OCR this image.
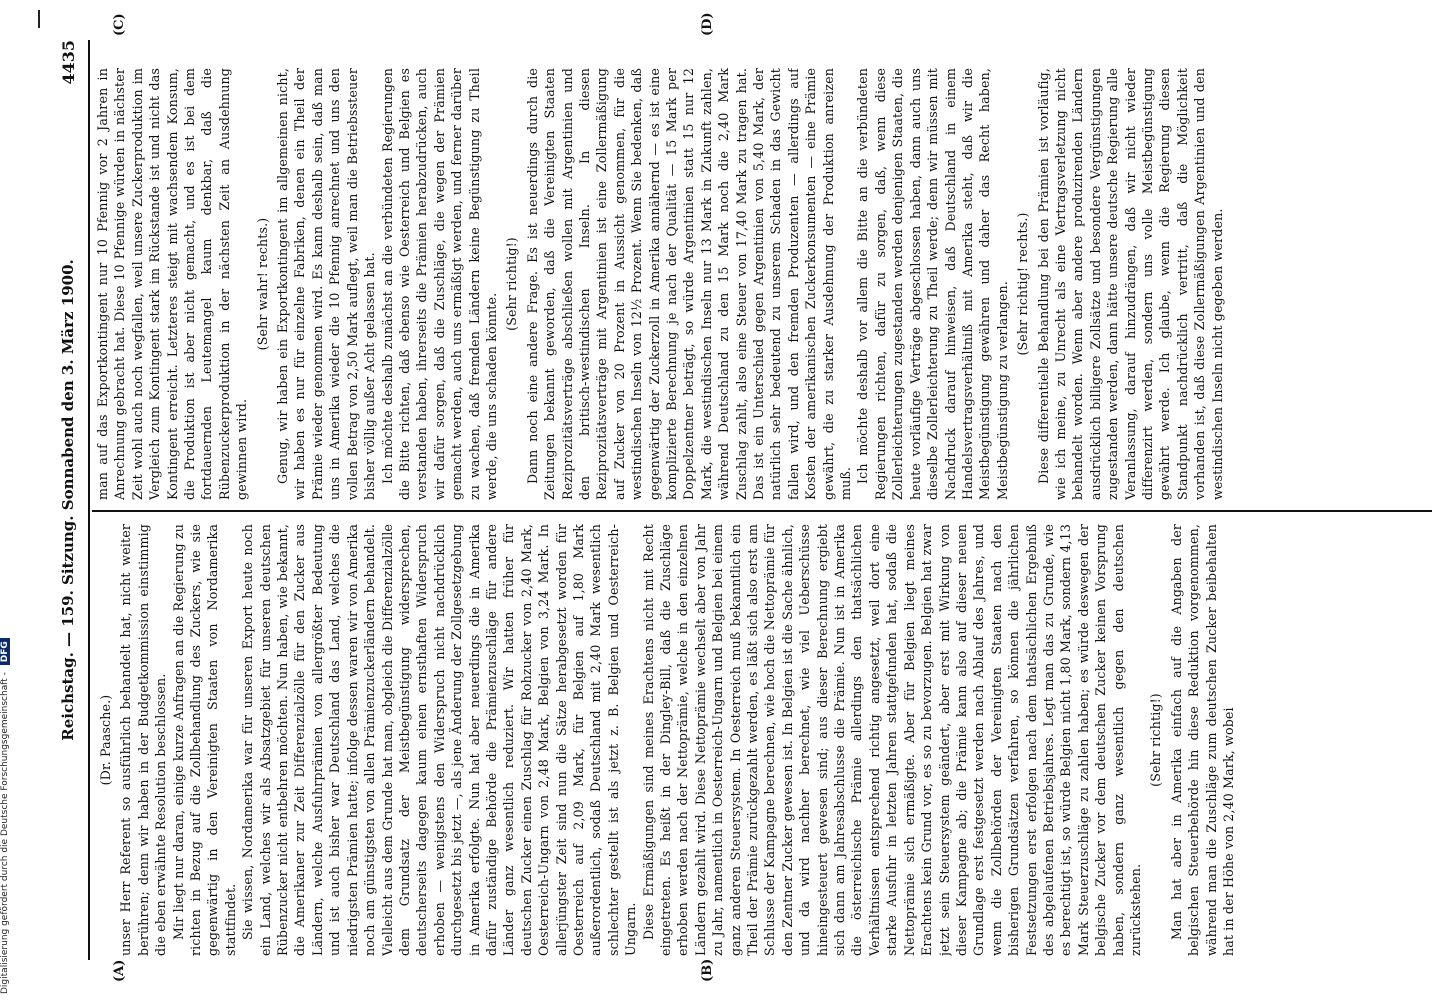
Reichstag. — 159. Sitzung. Sonnabend den 3. März 1900.
4435
(A)	(B)
(C)	(D)

(Dr. Paasche.) unser Herr Referent so ausführlich behandelt hat, nicht weiter berühren; denn wir haben in der Budgetkommission einstimmig die eben erwähnte Resolution beschlossen. Mir liegt nur daran, einige kurze Anfragen an die Regierung zu richten in Bezug auf die Zollbehandlung des Zuckers, wie sie gegenwärtig in den Vereinigten Staaten von Nordamerika stattfindet. Sie wissen, Nordamerika war für unseren Export heute noch ein Land, welches wir als Absatzgebiet für unseren deutschen Rübenzucker nicht entbehren möchten. Nun haben, wie bekannt, die Amerikaner zur Zeit Differenzialzölle für den Zucker aus Ländern, welche Ausfuhrprämien von allergrößter Bedeutung und ist auch bisher war Deutschland das Land, welches die niedrigsten Prämien hatte; infolge dessen waren wir von Amerika noch am günstigsten von allen Prämienzuckerländern behandelt. Vielleicht aus dem Grunde hat man, obgleich die Differenzialzölle dem Grundsatz der Meistbegünstigung widersprechen, deutscherseits dagegen kaum einen ernsthaften Widerspruch erhoben — wenigstens den Widerspruch nicht nachdrücklich durchgesetzt bis jetzt —, als jene Änderung der Zollgesetzgebung in Amerika erfolgte. Nun hat aber neuerdings die in Amerika dafür zuständige Behörde die Prämienzuschläge für andere Länder ganz wesentlich reduziert. Wir hatten früher für deutschen Zucker einen Zuschlag für Rohzucker von 2,40 Mark, Oesterreich-Ungarn von 2,48 Mark, Belgien von 3,24 Mark. In allerjüngster Zeit sind nun die Sätze herabgesetzt worden für Oesterreich auf 2,09 Mark, für Belgien auf 1,80 Mark außerordentlich, sodaß Deutschland mit 2,40 Mark wesentlich schlechter gestellt ist als jetzt z. B. Belgien und Oesterreich-Ungarn. Diese Ermäßigungen sind meines Erachtens nicht mit Recht eingetreten. Es heißt in der Dingley-Bill, daß die Zuschläge erhoben werden nach der Nettoprämie, welche in den einzelnen Ländern gezahlt wird. Diese Nettoprämie wechselt aber von Jahr zu Jahr, namentlich in Oesterreich-Ungarn und Belgien bei einem ganz anderen Steuersystem. In Oesterreich muß bekanntlich ein Theil der Prämie zurückgezahlt werden, es läßt sich also erst am Schlusse der Kampagne berechnen, wie hoch die Nettoprämie für den Zentner Zucker gewesen ist. In Belgien ist die Sache ähnlich, und da wird nachher berechnet, wie viel Ueberschüsse hineingesteuert gewesen sind; aus dieser Berechnung ergiebt sich dann am Jahresabschlusse die Prämie. Nun ist in Amerika die österreichische Prämie allerdings den thatsächlichen Verhältnissen entsprechend richtig angesetzt, weil dort eine starke Ausfuhr in letzten Jahren stattgefunden hat, sodaß die Nettoprämie sich ermäßigte. Aber für Belgien liegt meines Erachtens kein Grund vor, es so zu bevorzugen. Belgien hat zwar jetzt sein Steuersystem geändert, aber erst mit Wirkung von dieser Kampagne ab; die Prämie kann also auf dieser neuen Grundlage erst festgesetzt werden nach Ablauf des Jahres, und wenn die Zollbehörden der Vereinigten Staaten nach den bisherigen Grundsätzen verfahren, so können die jährlichen Festsetzungen erst erfolgen nach dem thatsächlichen Ergebniß des abgelaufenen Betriebsjahres. Legt man das zu Grunde, wie es berechtigt ist, so würde Belgien nicht 1,80 Mark, sondern 4,13 Mark Steuerzuschläge zu zahlen haben; es würde deswegen der belgische Zucker vor dem deutschen Zucker keinen Vorsprung haben, sondern ganz wesentlich gegen den deutschen zurückstehen.

(Sehr richtig!) Man hat aber in Amerika einfach auf die Angaben der belgischen Steuerbehörde hin diese Reduktion vorgenommen, während man die Zuschläge zum deutschen Zucker beibehalten hat in der Höhe von 2,40 Mark, wobei

man auf das Exportkontingent nur 10 Pfennig vor 2 Jahren in Anrechnung gebracht hat. Diese 10 Pfennige würden in nächster Zeit wohl auch noch wegfallen, weil unsere Zuckerproduktion im Vergleich zum Kontingent stark im Rückstande ist und nicht das Kontingent erreicht. Letzteres steigt mit wachsendem Konsum, die Produktion ist aber nicht gemacht, und es ist bei dem fortdauernden Leutemangel kaum denkbar, daß die Rübenzuckerproduktion in der nächsten Zeit an Ausdehnung gewinnen wird.

(Sehr wahr! rechts.) Genug, wir haben ein Exportkontingent im allgemeinen nicht, wir haben es nur für einzelne Fabriken, denen ein Theil der Prämie wieder genommen wird. Es kann deshalb sein, daß man uns in Amerika wieder die 10 Pfennig anrechnet und uns den vollen Betrag von 2,50 Mark auflegt, weil man die Betriebssteuer bisher völlig außer Acht gelassen hat. Ich möchte deshalb zunächst an die verbündeten Regierungen die Bitte richten, daß ebenso wie Oesterreich und Belgien es verstanden haben, ihrerseits die Prämien herabzudrücken, auch wir dafür sorgen, daß die Zuschläge, die wegen der Prämien gemacht werden, auch uns ermäßigt werden, und ferner darüber zu wachen, daß fremden Ländern keine Begünstigung zu Theil werde, die uns schaden könnte.

(Sehr richtig!) Dann noch eine andere Frage. Es ist neuerdings durch die Zeitungen bekannt geworden, daß die Vereinigten Staaten Reziprozitätsverträge abschließen wollen mit Argentinien und den britisch-westindischen Inseln. In diesen Reziprozitätsverträge mit Argentinien ist eine Zollermäßigung auf Zucker von 20 Prozent in Aussicht genommen, für die westindischen Inseln von 12½ Prozent. Wenn Sie bedenken, daß gegenwärtig der Zuckerzoll in Amerika annähernd — es ist eine komplizierte Berechnung je nach der Qualität — 15 Mark per Doppelzentner beträgt, so würde Argentinien statt 15 nur 12 Mark, die westindischen Inseln nur 13 Mark in Zukunft zahlen, während Deutschland zu den 15 Mark noch die 2,40 Mark Zuschlag zahlt, also eine Steuer von 17,40 Mark zu tragen hat. Das ist ein Unterschied gegen Argentinien von 5,40 Mark, der natürlich sehr bedeutend zu unserem Schaden in das Gewicht fallen wird, und den fremden Produzenten — allerdings auf Kosten der amerikanischen Zuckerkonsumenten — eine Prämie gewährt, die zu starker Ausdehnung der Produktion anreizen muß. Ich möchte deshalb vor allem die Bitte an die verbündeten Regierungen richten, dafür zu sorgen, daß, wenn diese Zollerleichterungen zugestanden werden denjenigen Staaten, die heute vorläufige Verträge abgeschlossen haben, dann auch uns dieselbe Zollerleichterung zu Theil werde; denn wir müssen mit Nachdruck darauf hinweisen, daß Deutschland in einem Handelsvertragsverhältniß mit Amerika steht, daß wir die Meistbegünstigung gewähren und daher das Recht haben, Meistbegünstigung zu verlangen. (Sehr richtig! rechts.) Diese differentielle Behandlung bei den Prämien ist vorläufig, wie ich meine, zu Unrecht als eine Vertragsverletzung nicht behandelt worden. Wenn aber andere produzirenden Ländern ausdrücklich billigere Zollsätze und besondere Vergünstigungen zugestanden werden, dann hätte unsere deutsche Regierung alle Veranlassung, darauf hinzudrängen, daß wir nicht wieder differenzirt werden, sondern uns volle Meistbegünstigung gewährt werde. Ich glaube, wenn die Regierung diesen Standpunkt nachdrücklich vertritt, daß die Möglichkeit vorhanden ist, daß diese Zollermäßigungen Argentinien und den westindischen Inseln nicht gegeben werden.

Digitalisierung gefördert durch die Deutsche Forschungsgemeinschaft - DFG
